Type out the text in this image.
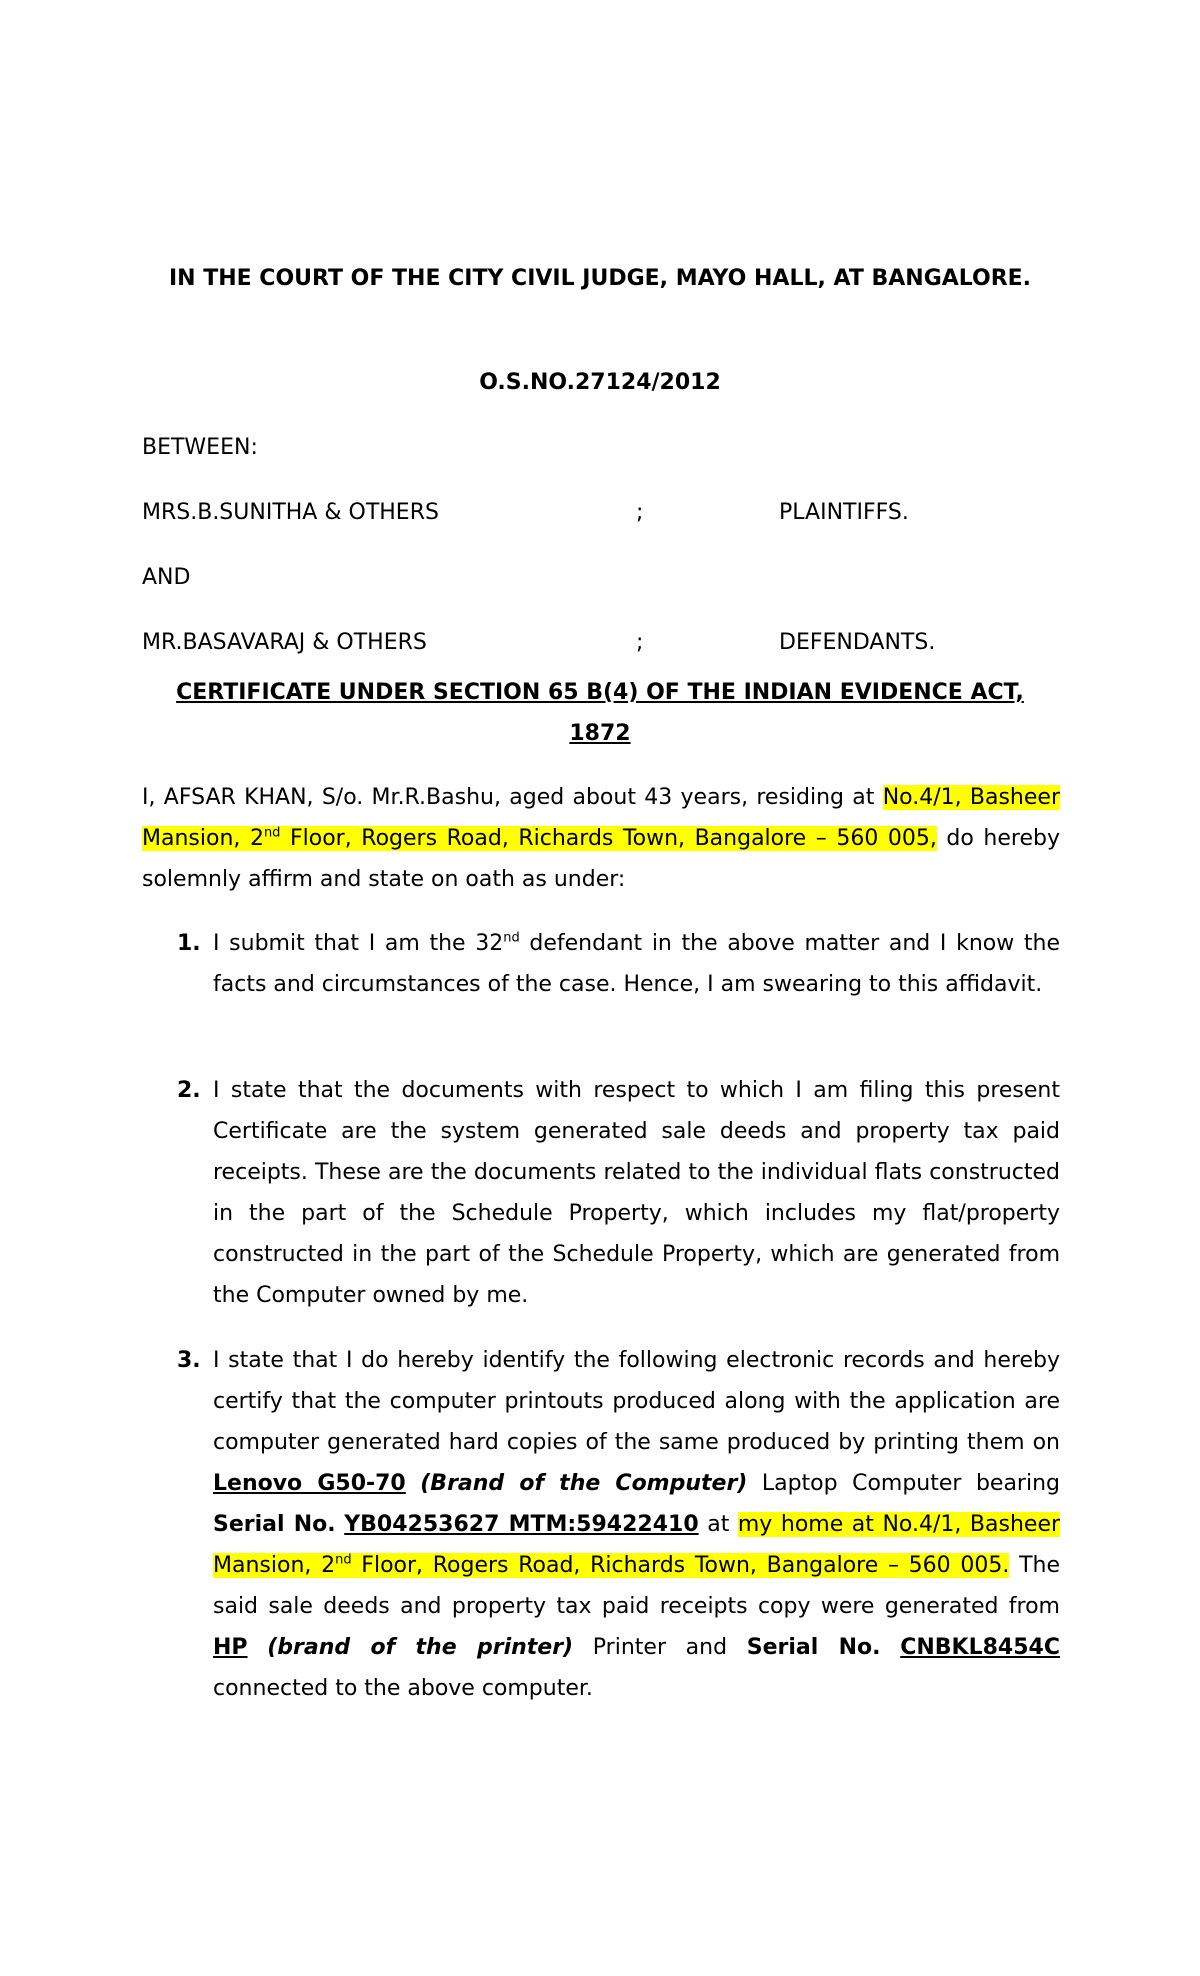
IN THE COURT OF THE CITY CIVIL JUDGE, MAYO HALL, AT BANGALORE.
O.S.NO.27124/2012
BETWEEN:
MRS.B.SUNITHA & OTHERS	;	PLAINTIFFS.
AND
MR.BASAVARAJ & OTHERS	;	DEFENDANTS.
CERTIFICATE UNDER SECTION 65 B(4) OF THE INDIAN EVIDENCE ACT, 1872
I, AFSAR KHAN, S/o. Mr.R.Bashu, aged about 43 years, residing at No.4/1, Basheer Mansion, 2nd Floor, Rogers Road, Richards Town, Bangalore – 560 005, do hereby solemnly affirm and state on oath as under:
1. I submit that I am the 32nd defendant in the above matter and I know the facts and circumstances of the case. Hence, I am swearing to this affidavit.
2. I state that the documents with respect to which I am filing this present Certificate are the system generated sale deeds and property tax paid receipts. These are the documents related to the individual flats constructed in the part of the Schedule Property, which includes my flat/property constructed in the part of the Schedule Property, which are generated from the Computer owned by me.
3. I state that I do hereby identify the following electronic records and hereby certify that the computer printouts produced along with the application are computer generated hard copies of the same produced by printing them on Lenovo G50-70 (Brand of the Computer) Laptop Computer bearing Serial No. YB04253627 MTM:59422410 at my home at No.4/1, Basheer Mansion, 2nd Floor, Rogers Road, Richards Town, Bangalore – 560 005. The said sale deeds and property tax paid receipts copy were generated from HP (brand of the printer) Printer and Serial No. CNBKL8454C connected to the above computer.
